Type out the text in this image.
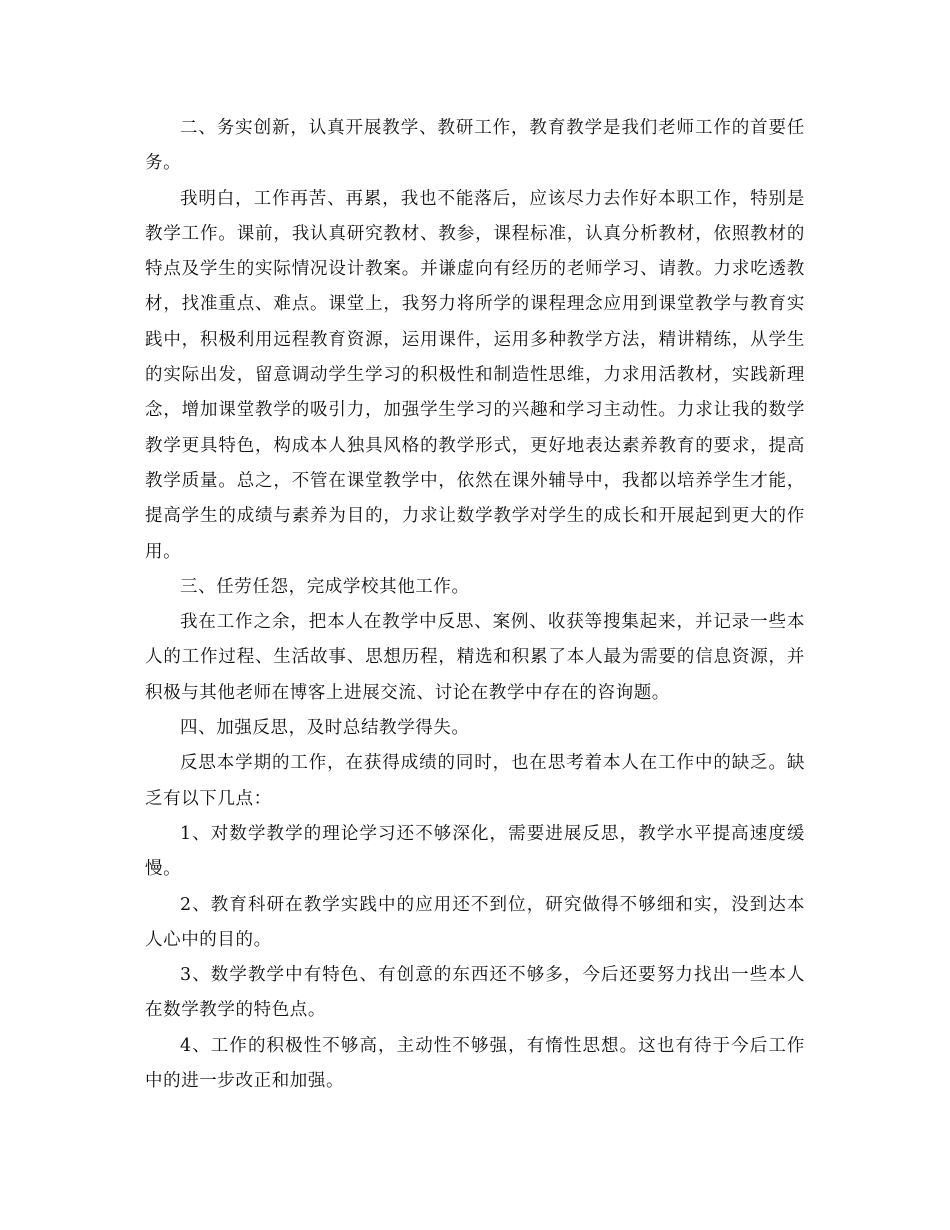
二、务实创新，认真开展教学、教研工作，教育教学是我们老师工作的首要任务。

我明白，工作再苦、再累，我也不能落后，应该尽力去作好本职工作，特别是教学工作。课前，我认真研究教材、教参，课程标准，认真分析教材，依照教材的特点及学生的实际情况设计教案。并谦虚向有经历的老师学习、请教。力求吃透教材，找准重点、难点。课堂上，我努力将所学的课程理念应用到课堂教学与教育实践中，积极利用远程教育资源，运用课件，运用多种教学方法，精讲精练，从学生的实际出发，留意调动学生学习的积极性和制造性思维，力求用活教材，实践新理念，增加课堂教学的吸引力，加强学生学习的兴趣和学习主动性。力求让我的数学教学更具特色，构成本人独具风格的教学形式，更好地表达素养教育的要求，提高教学质量。总之，不管在课堂教学中，依然在课外辅导中，我都以培养学生才能，提高学生的成绩与素养为目的，力求让数学教学对学生的成长和开展起到更大的作用。

三、任劳任怨，完成学校其他工作。

我在工作之余，把本人在教学中反思、案例、收获等搜集起来，并记录一些本人的工作过程、生活故事、思想历程，精选和积累了本人最为需要的信息资源，并积极与其他老师在博客上进展交流、讨论在教学中存在的咨询题。

四、加强反思，及时总结教学得失。

反思本学期的工作，在获得成绩的同时，也在思考着本人在工作中的缺乏。缺乏有以下几点：

1、对数学教学的理论学习还不够深化，需要进展反思，教学水平提高速度缓慢。

2、教育科研在教学实践中的应用还不到位，研究做得不够细和实，没到达本人心中的目的。

3、数学教学中有特色、有创意的东西还不够多，今后还要努力找出一些本人在数学教学的特色点。

4、工作的积极性不够高，主动性不够强，有惰性思想。这也有待于今后工作中的进一步改正和加强。
